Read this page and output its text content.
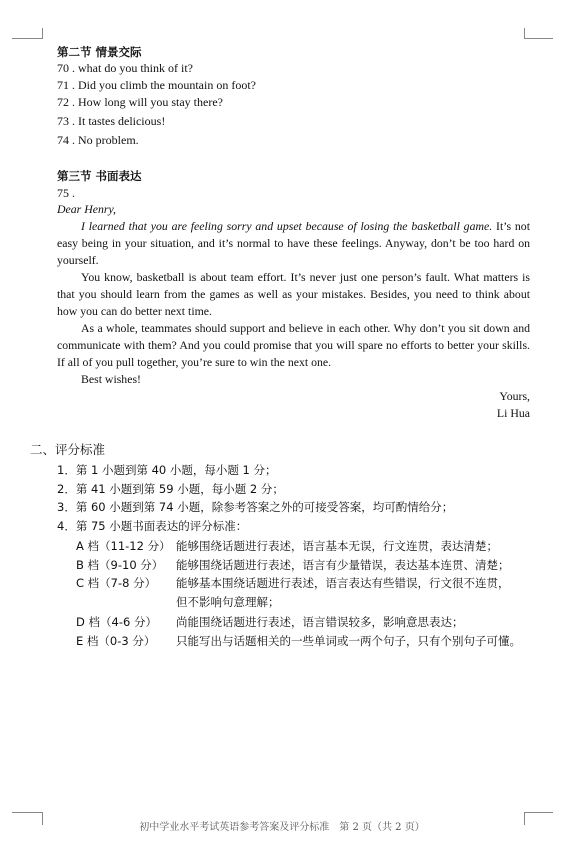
第二节 情景交际
70 . what do you think of it?
71 . Did you climb the mountain on foot?
72 . How long will you stay there?
73 . It tastes delicious!
74 . No problem.
第三节 书面表达
75 .

Dear Henry,

I learned that you are feeling sorry and upset because of losing the basketball game. It’s not easy being in your situation, and it’s normal to have these feelings. Anyway, don’t be too hard on yourself.

You know, basketball is about team effort. It’s never just one person’s fault. What matters is that you should learn from the games as well as your mistakes. Besides, you need to think about how you can do better next time.

As a whole, teammates should support and believe in each other. Why don’t you sit down and communicate with them? And you could promise that you will spare no efforts to better your skills. If all of you pull together, you’re sure to win the next one.

Best wishes!

Yours,

Li Hua

二、评分标准
1．第 1 小题到第 40 小题，每小题 1 分；
2．第 41 小题到第 59 小题，每小题 2 分；
3．第 60 小题到第 74 小题，除参考答案之外的可接受答案，均可酌情给分；
4．第 75 小题书面表达的评分标准：
A 档（11-12 分） 能够围绕话题进行表述，语言基本无误，行文连贯，表达清楚；
B 档（9-10 分） 能够围绕话题进行表述，语言有少量错误，表达基本连贯、清楚；
C 档（7-8 分） 能够基本围绕话题进行表述，语言表达有些错误，行文很不连贯，
但不影响句意理解；
D 档（4-6 分） 尚能围绕话题进行表述，语言错误较多，影响意思表达；
E 档（0-3 分） 只能写出与话题相关的一些单词或一两个句子，只有个别句子可懂。
初中学业水平考试英语参考答案及评分标准　第 2 页（共 2 页）
